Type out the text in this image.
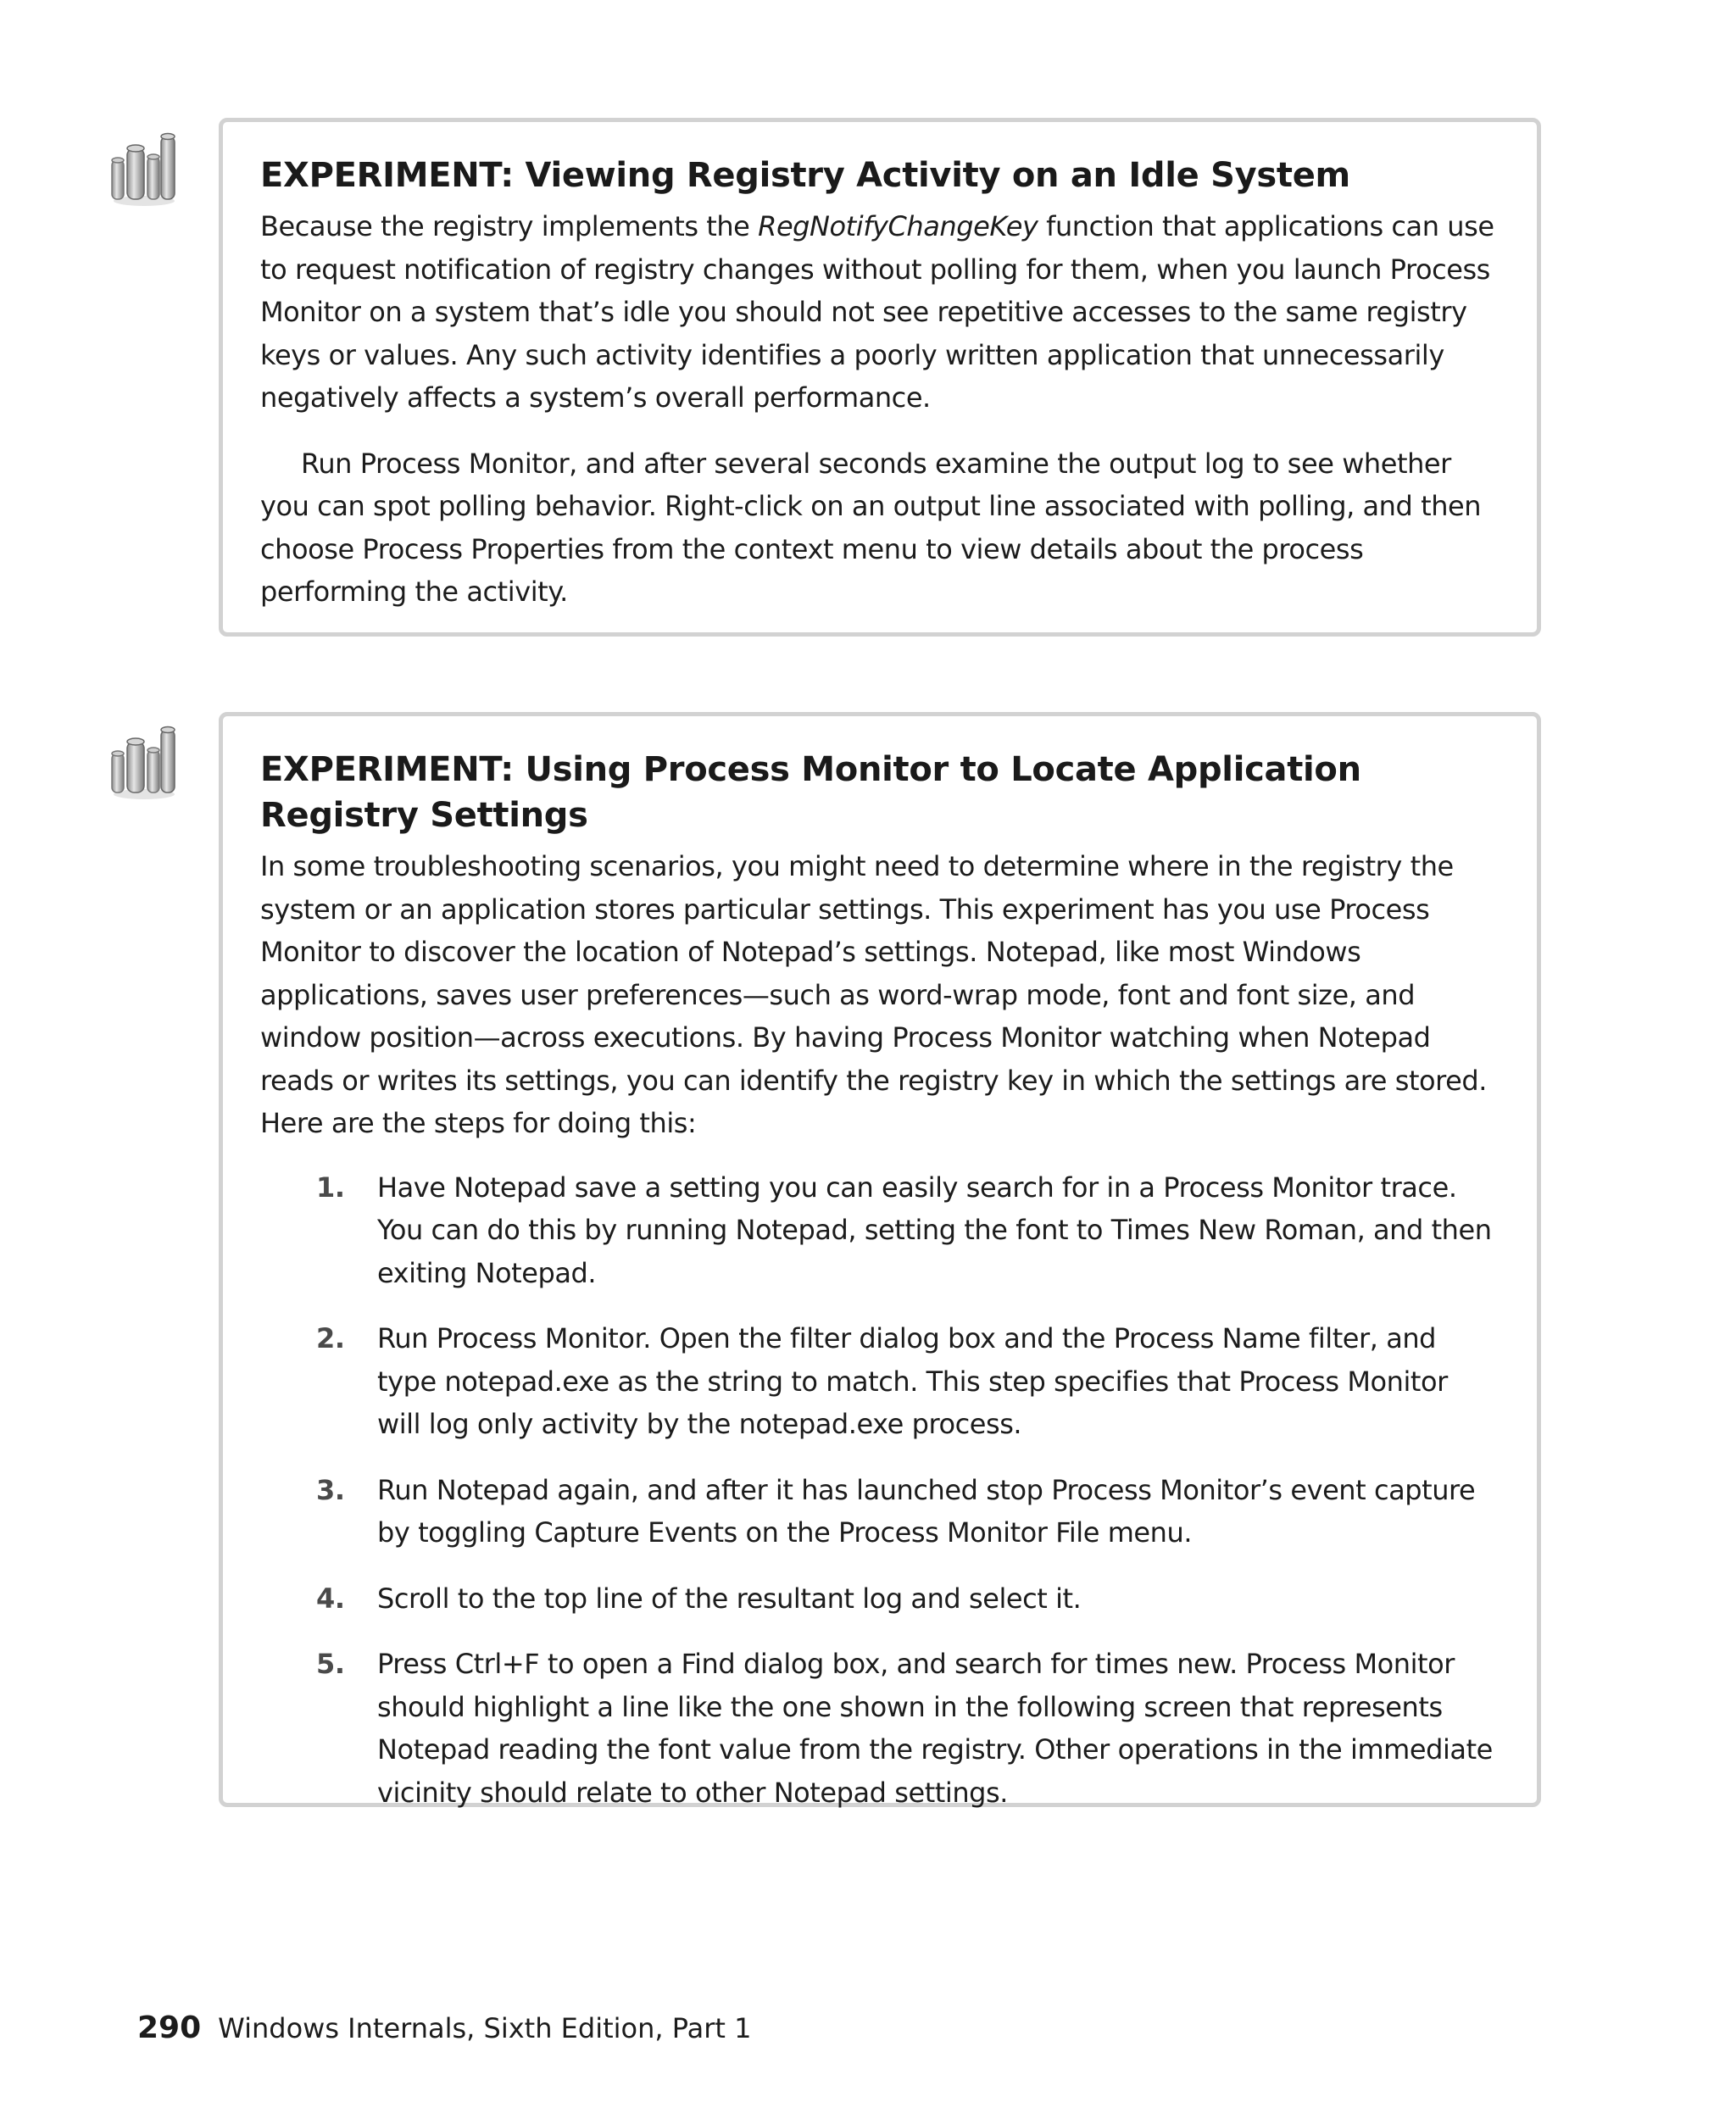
EXPERIMENT: Viewing Registry Activity on an Idle System

Because the registry implements the RegNotifyChangeKey function that applications can use to request notification of registry changes without polling for them, when you launch Process Monitor on a system that’s idle you should not see repetitive accesses to the same registry keys or values. Any such activity identifies a poorly written application that unnecessarily negatively affects a system’s overall performance.

Run Process Monitor, and after several seconds examine the output log to see whether you can spot polling behavior. Right-click on an output line associated with polling, and then choose Process Properties from the context menu to view details about the process performing the activity.

EXPERIMENT: Using Process Monitor to Locate Application Registry Settings

In some troubleshooting scenarios, you might need to determine where in the registry the system or an application stores particular settings. This experiment has you use Process Monitor to discover the location of Notepad’s settings. Notepad, like most Windows applications, saves user preferences—such as word-wrap mode, font and font size, and window position—across executions. By having Process Monitor watching when Notepad reads or writes its settings, you can identify the registry key in which the settings are stored. Here are the steps for doing this:

1. Have Notepad save a setting you can easily search for in a Process Monitor trace. You can do this by running Notepad, setting the font to Times New Roman, and then exiting Notepad.
2. Run Process Monitor. Open the filter dialog box and the Process Name filter, and type notepad.exe as the string to match. This step specifies that Process Monitor will log only activity by the notepad.exe process.
3. Run Notepad again, and after it has launched stop Process Monitor’s event capture by toggling Capture Events on the Process Monitor File menu.
4. Scroll to the top line of the resultant log and select it.
5. Press Ctrl+F to open a Find dialog box, and search for times new. Process Monitor should highlight a line like the one shown in the following screen that represents Notepad reading the font value from the registry. Other operations in the immediate vicinity should relate to other Notepad settings.
290 Windows Internals, Sixth Edition, Part 1
